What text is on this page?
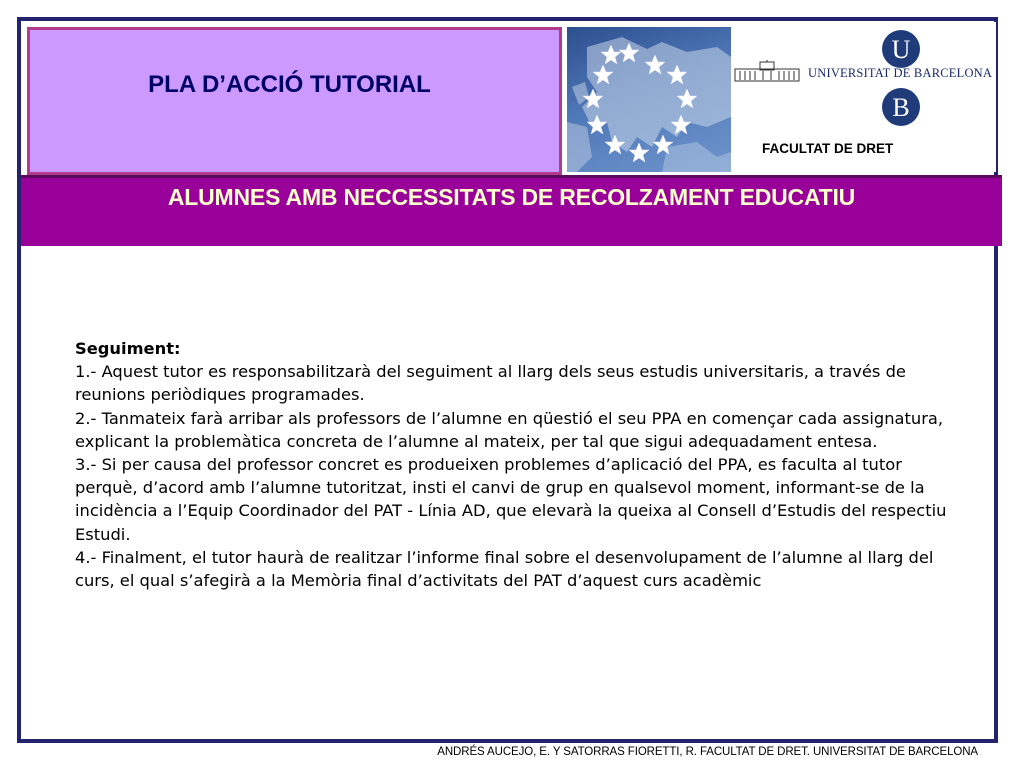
PLA D’ACCIÓ TUTORIAL
U
B
UNIVERSITAT DE BARCELONA
FACULTAT DE DRET
ALUMNES AMB NECCESSITATS DE RECOLZAMENT EDUCATIU

Seguiment:

1.- Aquest tutor es responsabilitzarà del seguiment al llarg dels seus estudis universitaris, a través de reunions periòdiques programades.

2.- Tanmateix farà arribar als professors de l’alumne en qüestió el seu PPA en començar cada assignatura, explicant la problemàtica concreta de l’alumne al mateix, per tal que sigui adequadament entesa.

3.- Si per causa del professor concret es produeixen problemes d’aplicació del PPA, es faculta al tutor perquè, d’acord amb l’alumne tutoritzat, insti el canvi de grup en qualsevol moment, informant-se de la incidència a l’Equip Coordinador del PAT - Línia AD, que elevarà la queixa al Consell d’Estudis del respectiu Estudi.

4.- Finalment, el tutor haurà de realitzar l’informe final sobre el desenvolupament de l’alumne al llarg del curs, el qual s’afegirà a la Memòria final d’activitats del PAT d’aquest curs acadèmic

ANDRÉS AUCEJO, E. Y SATORRAS FIORETTI, R. FACULTAT DE DRET. UNIVERSITAT DE BARCELONA
